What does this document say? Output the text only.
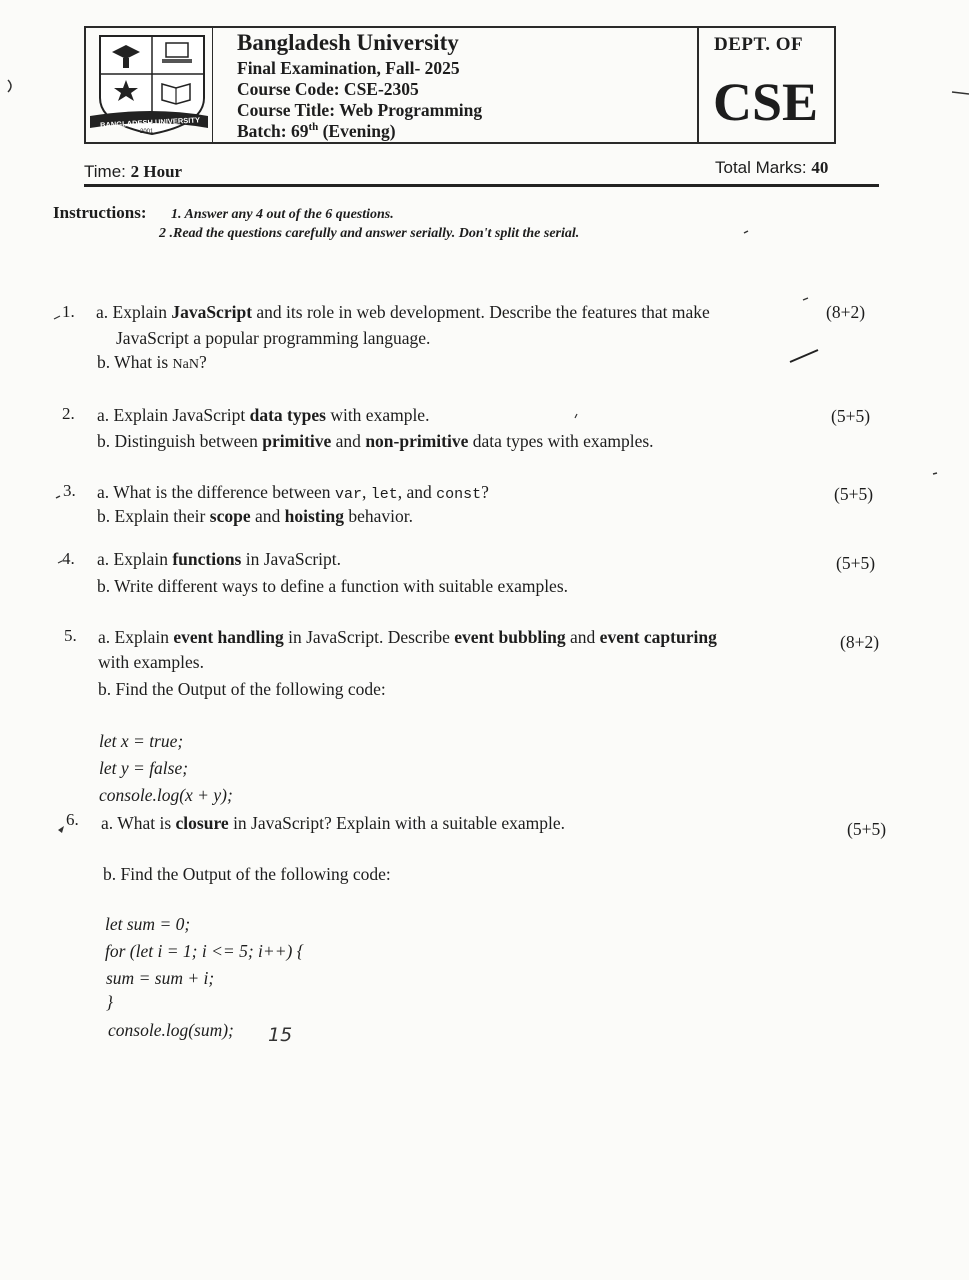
BANGLADESH UNIVERSITY
2001
Bangladesh University
Final Examination, Fall- 2025
Course Code: CSE-2305
Course Title: Web Programming
Batch: 69th (Evening)
DEPT. OF
CSE
Time: 2 Hour	Total Marks: 40
Instructions: 1. Answer any 4 out of the 6 questions.
2 .Read the questions carefully and answer serially. Don't split the serial.
1. a. Explain JavaScript and its role in web development. Describe the features that make
JavaScript a popular programming language.
b. What is NaN?
(8+2)
2. a. Explain JavaScript data types with example.
b. Distinguish between primitive and non-primitive data types with examples.
(5+5)
3. a. What is the difference between var, let, and const?
b. Explain their scope and hoisting behavior.
(5+5)
4. a. Explain functions in JavaScript.
b. Write different ways to define a function with suitable examples.
(5+5)
5. a. Explain event handling in JavaScript. Describe event bubbling and event capturing
with examples.
b. Find the Output of the following code:
(8+2)
let x = true;
let y = false;
console.log(x + y);
6. a. What is closure in JavaScript? Explain with a suitable example.
b. Find the Output of the following code:
(5+5)
let sum = 0;
for (let i = 1; i <= 5; i++) {
sum = sum + i;
}
console.log(sum); 15
